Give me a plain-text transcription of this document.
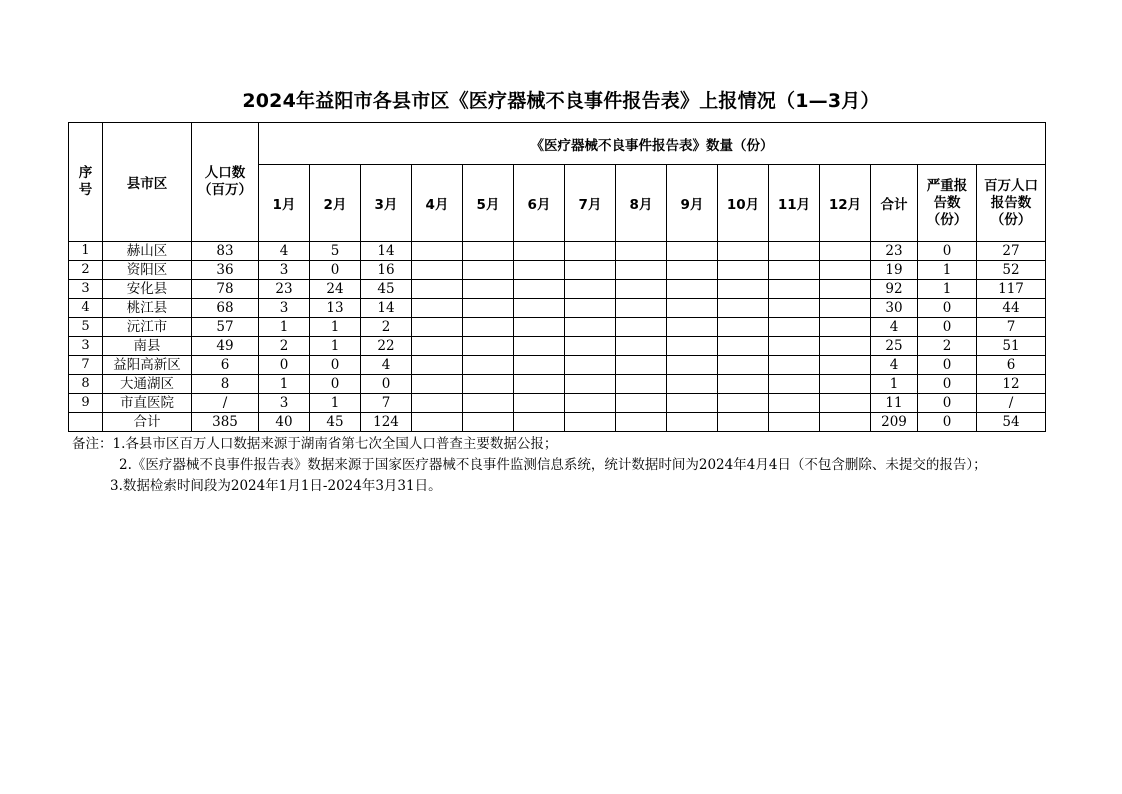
2024年益阳市各县市区《医疗器械不良事件报告表》上报情况（1—3月）
序号	县市区	人口数（百万）	《医疗器械不良事件报告表》数量（份）														
			1月	2月	3月	4月	5月	6月	7月	8月	9月	10月	11月	12月	合计	严重报告数（份）	百万人口报告数（份）
1	赫山区	83	4	5	14										23	0	27
2	资阳区	36	3	0	16										19	1	52
3	安化县	78	23	24	45										92	1	117
4	桃江县	68	3	13	14										30	0	44
5	沅江市	57	1	1	2										4	0	7
3	南县	49	2	1	22										25	2	51
7	益阳高新区	6	0	0	4										4	0	6
8	大通湖区	8	1	0	0										1	0	12
9	市直医院	/	3	1	7										11	0	/
	合计	385	40	45	124										209	0	54

备注：1.各县市区百万人口数据来源于湖南省第七次全国人口普查主要数据公报；

2.《医疗器械不良事件报告表》数据来源于国家医疗器械不良事件监测信息系统，统计数据时间为2024年4月4日（不包含删除、未提交的报告）；

3.数据检索时间段为2024年1月1日-2024年3月31日。
